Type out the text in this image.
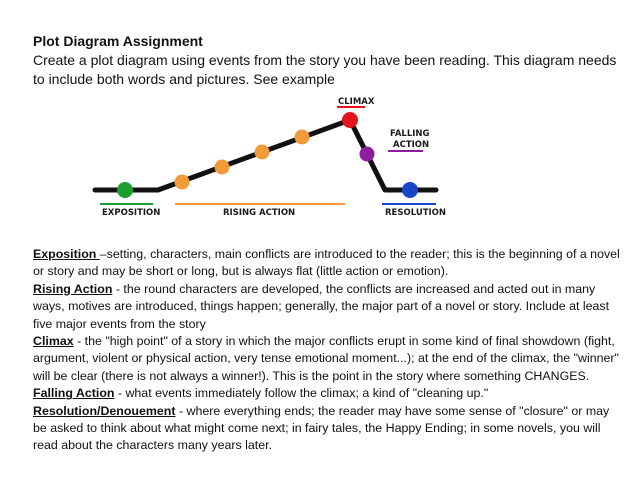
Plot Diagram Assignment
Create a plot diagram using events from the story you have been reading. This diagram needs to include both words and pictures. See example
CLIMAX
FALLING
ACTION
EXPOSITION	RISING ACTION	RESOLUTION

Exposition –setting, characters, main conflicts are introduced to the reader; this is the beginning of a novel or story and may be short or long, but is always flat (little action or emotion).

Rising Action - the round characters are developed, the conflicts are increased and acted out in many ways, motives are introduced, things happen; generally, the major part of a novel or story. Include at least five major events from the story

Climax - the "high point" of a story in which the major conflicts erupt in some kind of final showdown (fight, argument, violent or physical action, very tense emotional moment...); at the end of the climax, the "winner" will be clear (there is not always a winner!). This is the point in the story where something CHANGES.

Falling Action - what events immediately follow the climax; a kind of "cleaning up."

Resolution/Denouement - where everything ends; the reader may have some sense of "closure" or may be asked to think about what might come next; in fairy tales, the Happy Ending; in some novels, you will read about the characters many years later.
